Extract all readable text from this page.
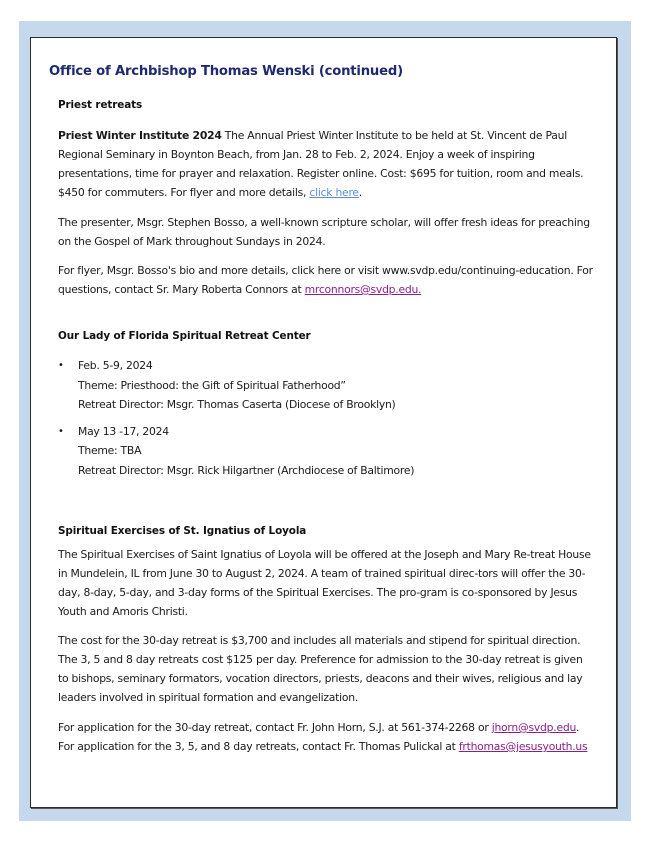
Office of Archbishop Thomas Wenski (continued)
Priest retreats

Priest Winter Institute 2024 The Annual Priest Winter Institute to be held at St. Vincent de Paul Regional Seminary in Boynton Beach, from Jan. 28 to Feb. 2, 2024. Enjoy a week of inspiring presentations, time for prayer and relaxation. Register online. Cost: $695 for tuition, room and meals. $450 for commuters. For flyer and more details, click here.

The presenter, Msgr. Stephen Bosso, a well-known scripture scholar, will offer fresh ideas for preaching on the Gospel of Mark throughout Sundays in 2024.

For flyer, Msgr. Bosso's bio and more details, click here or visit www.svdp.edu/continuing-education. For questions, contact Sr. Mary Roberta Connors at mrconnors@svdp.edu.

Our Lady of Florida Spiritual Retreat Center
• Feb. 5-9, 2024
Theme: Priesthood: the Gift of Spiritual Fatherhood”
Retreat Director: Msgr. Thomas Caserta (Diocese of Brooklyn)
• May 13 -17, 2024
Theme: TBA
Retreat Director: Msgr. Rick Hilgartner (Archdiocese of Baltimore)
Spiritual Exercises of St. Ignatius of Loyola

The Spiritual Exercises of Saint Ignatius of Loyola will be offered at the Joseph and Mary Re-treat House in Mundelein, IL from June 30 to August 2, 2024. A team of trained spiritual direc-tors will offer the 30-day, 8-day, 5-day, and 3-day forms of the Spiritual Exercises. The pro-gram is co-sponsored by Jesus Youth and Amoris Christi.

The cost for the 30-day retreat is $3,700 and includes all materials and stipend for spiritual direction. The 3, 5 and 8 day retreats cost $125 per day. Preference for admission to the 30-day retreat is given to bishops, seminary formators, vocation directors, priests, deacons and their wives, religious and lay leaders involved in spiritual formation and evangelization.

For application for the 30-day retreat, contact Fr. John Horn, S.J. at 561-374-2268 or jhorn@svdp.edu. For application for the 3, 5, and 8 day retreats, contact Fr. Thomas Pulickal at frthomas@jesusyouth.us
